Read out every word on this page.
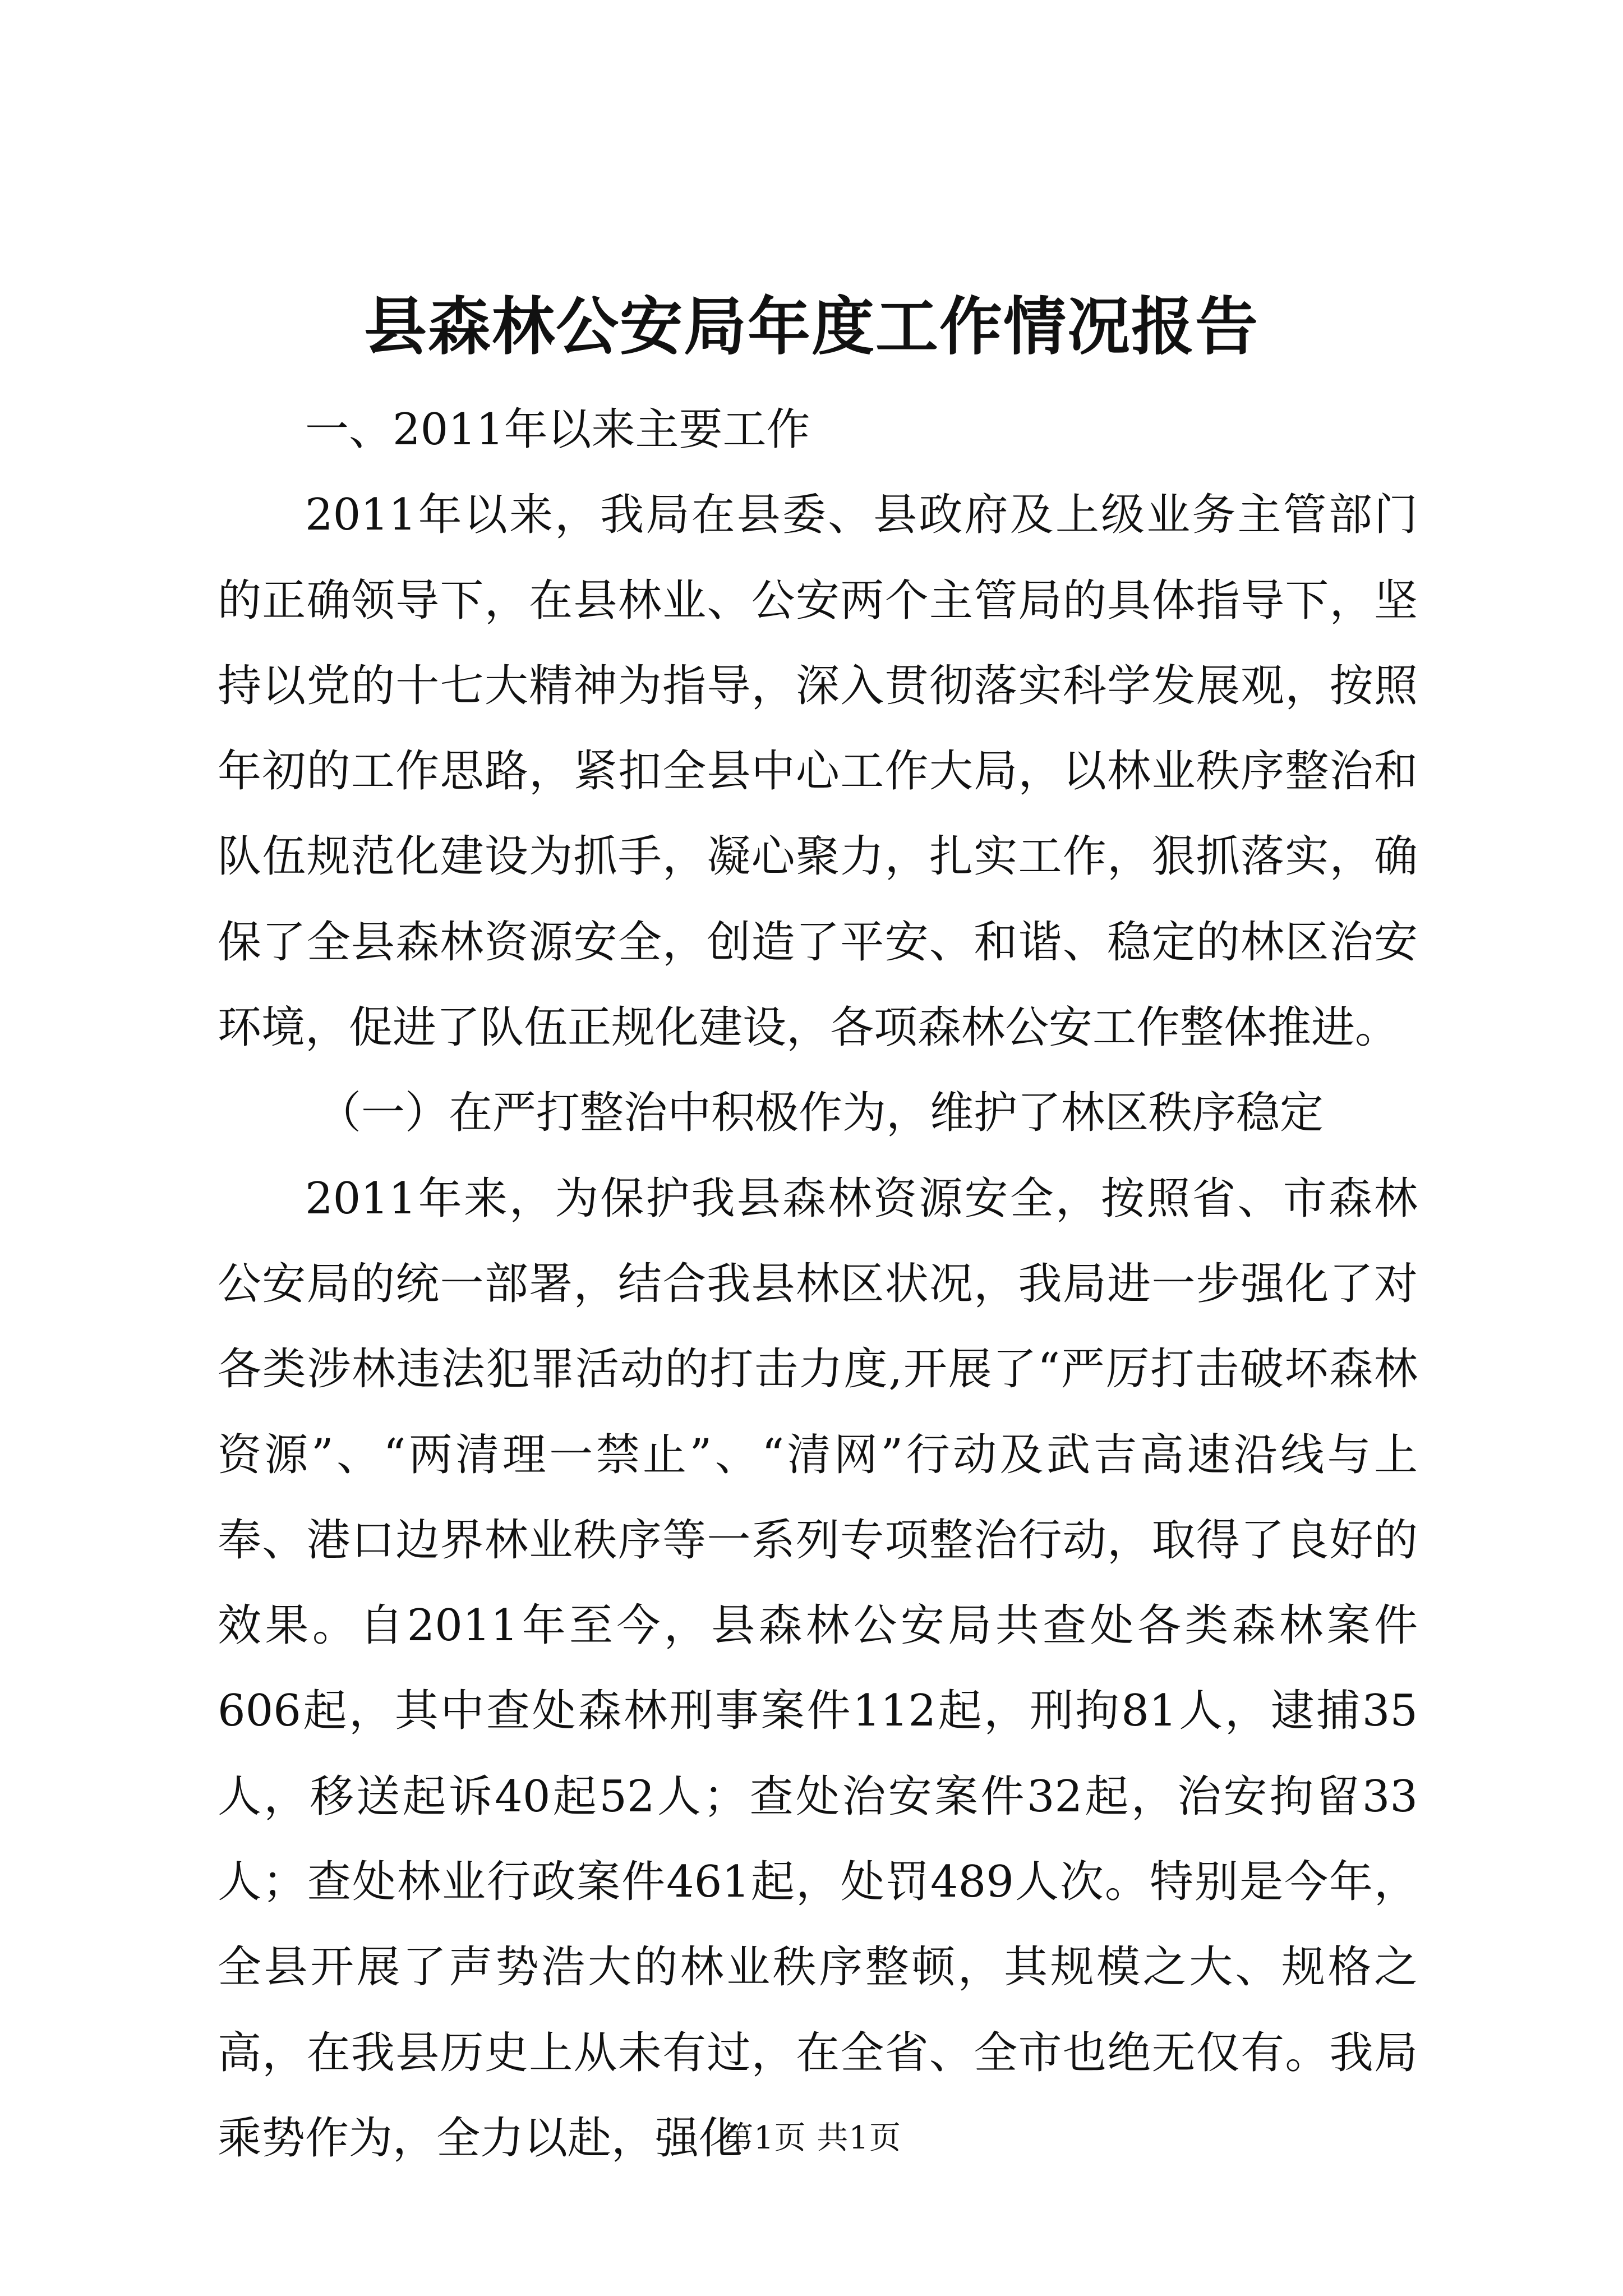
县森林公安局年度工作情况报告

一、2011年以来主要工作

2011年以来，我局在县委、县政府及上级业务主管部门的正确领导下，在县林业、公安两个主管局的具体指导下，坚持以党的十七大精神为指导，深入贯彻落实科学发展观，按照年初的工作思路，紧扣全县中心工作大局，以林业秩序整治和队伍规范化建设为抓手，凝心聚力，扎实工作，狠抓落实，确保了全县森林资源安全，创造了平安、和谐、稳定的林区治安环境，促进了队伍正规化建设，各项森林公安工作整体推进。

（一）在严打整治中积极作为，维护了林区秩序稳定

2011年来，为保护我县森林资源安全，按照省、市森林公安局的统一部署，结合我县林区状况，我局进一步强化了对各类涉林违法犯罪活动的打击力度,开展了“严厉打击破坏森林资源”、“两清理一禁止”、“清网”行动及武吉高速沿线与上奉、港口边界林业秩序等一系列专项整治行动，取得了良好的效果。自2011年至今，县森林公安局共查处各类森林案件606起，其中查处森林刑事案件112起，刑拘81人，逮捕35人，移送起诉40起52人；查处治安案件32起，治安拘留33人；查处林业行政案件461起，处罚489人次。特别是今年，全县开展了声势浩大的林业秩序整顿，其规模之大、规格之高，在我县历史上从未有过，在全省、全市也绝无仅有。我局乘势作为，全力以赴，强化

第1页 共1页
